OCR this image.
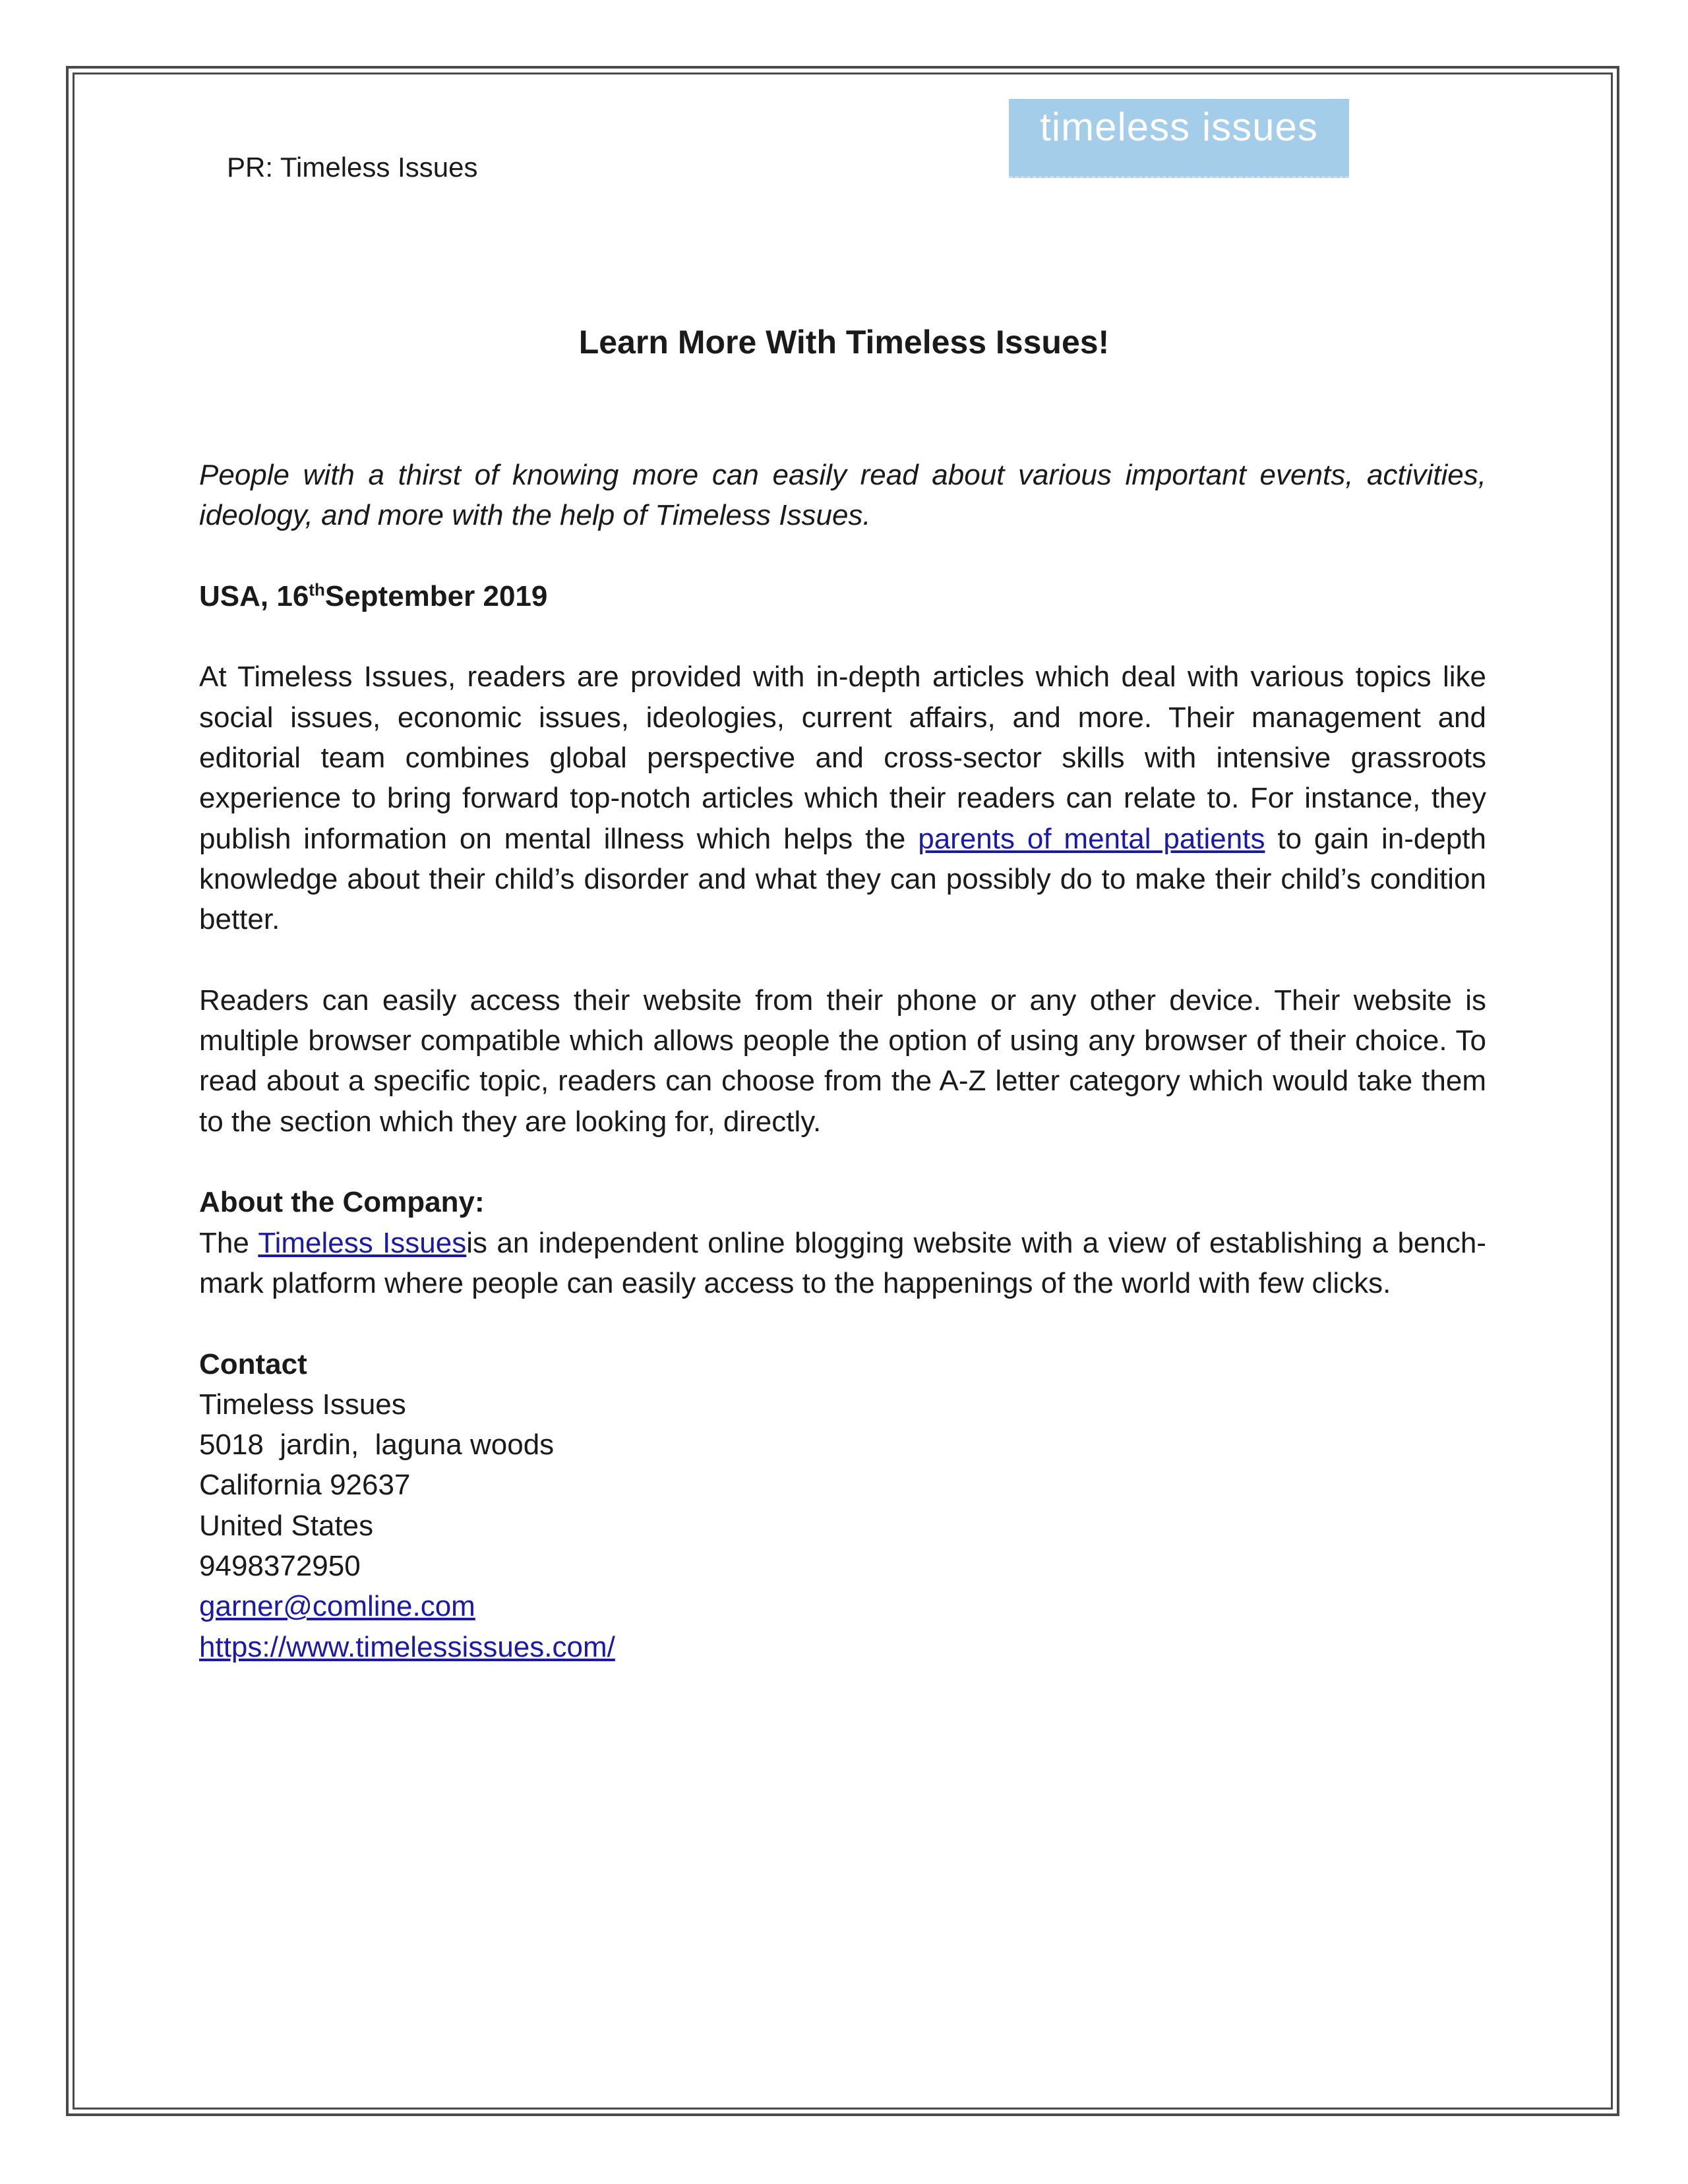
PR: Timeless Issues
timeless issues
Learn More With Timeless Issues!

People with a thirst of knowing more can easily read about various important events, activities, ideology, and more with the help of Timeless Issues.

USA, 16thSeptember 2019

At Timeless Issues, readers are provided with in-depth articles which deal with various topics like social issues, economic issues, ideologies, current affairs, and more. Their management and editorial team combines global perspective and cross-sector skills with intensive grassroots experience to bring forward top-notch articles which their readers can relate to. For instance, they publish information on mental illness which helps the parents of mental patients to gain in-depth knowledge about their child’s disorder and what they can possibly do to make their child’s condition better.

Readers can easily access their website from their phone or any other device. Their website is multiple browser compatible which allows people the option of using any browser of their choice. To read about a specific topic, readers can choose from the A-Z letter category which would take them to the section which they are looking for, directly.

About the Company:

The Timeless Issuesis an independent online blogging website with a view of establishing a bench-mark platform where people can easily access to the happenings of the world with few clicks.

Contact

Timeless Issues

5018  jardin,  laguna woods

California 92637

United States

9498372950

garner@comline.com

https://www.timelessissues.com/
